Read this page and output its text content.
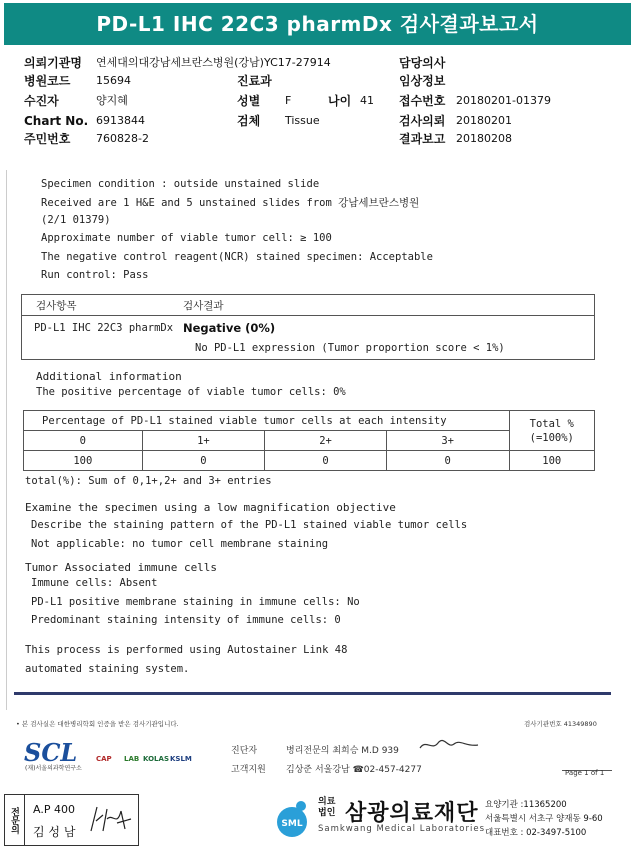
PD-L1 IHC 22C3 pharmDx 검사결과보고서
의뢰기관명 연세대의대강남세브란스병원(강남)YC17-27914	담당의사
병원코드 15694	진료과	임상정보
수진자	양지혜	성별 F	나이 41 접수번호 20180201-01379
Chart No. 6913844	검체 Tissue	검사의뢰 20180201
주민번호 760828-2	결과보고 20180208
Specimen condition : outside unstained slide
Received are 1 H&E and 5 unstained slides from 강남세브란스병원
(2/1 01379)
Approximate number of viable tumor cell: ≥ 100
The negative control reagent(NCR) stained specimen: Acceptable
Run control: Pass
검사항목	검사결과
PD-L1 IHC 22C3 pharmDx Negative (0%)
No PD-L1 expression (Tumor proportion score < 1%)
Additional information
The positive percentage of viable tumor cells: 0%
Percentage of PD-L1 stained viable tumor cells at each intensity				Total %
(=100%)
0	1+	2+	3+	
100	0	0	0	100
total(%): Sum of 0,1+,2+ and 3+ entries
Examine the specimen using a low magnification objective
Describe the staining pattern of the PD-L1 stained viable tumor cells
Not applicable: no tumor cell membrane staining
Tumor Associated immune cells
Immune cells: Absent
PD-L1 positive membrane staining in immune cells: No
Predominant staining intensity of immune cells: 0
This process is performed using Autostainer Link 48
automated staining system.
• 본 검사실은 대한병리학회 인증을 받은 검사기관입니다.	검사기관번호 41349890
SCL
(재)서울의과학연구소
CAP LAB KOLAS KSLM
진단자	병리전문의 최희승 M.D 939
고객지원 김상준 서울강남 ☎02-457-4277	Page 1 of 1
전문의	A.P 400
김 성 남
SML
의료
법인 삼광의료재단
Samkwang Medical Laboratories
요양기관 :11365200
서울특별시 서초구 양재동 9-60
대표번호 : 02-3497-5100
